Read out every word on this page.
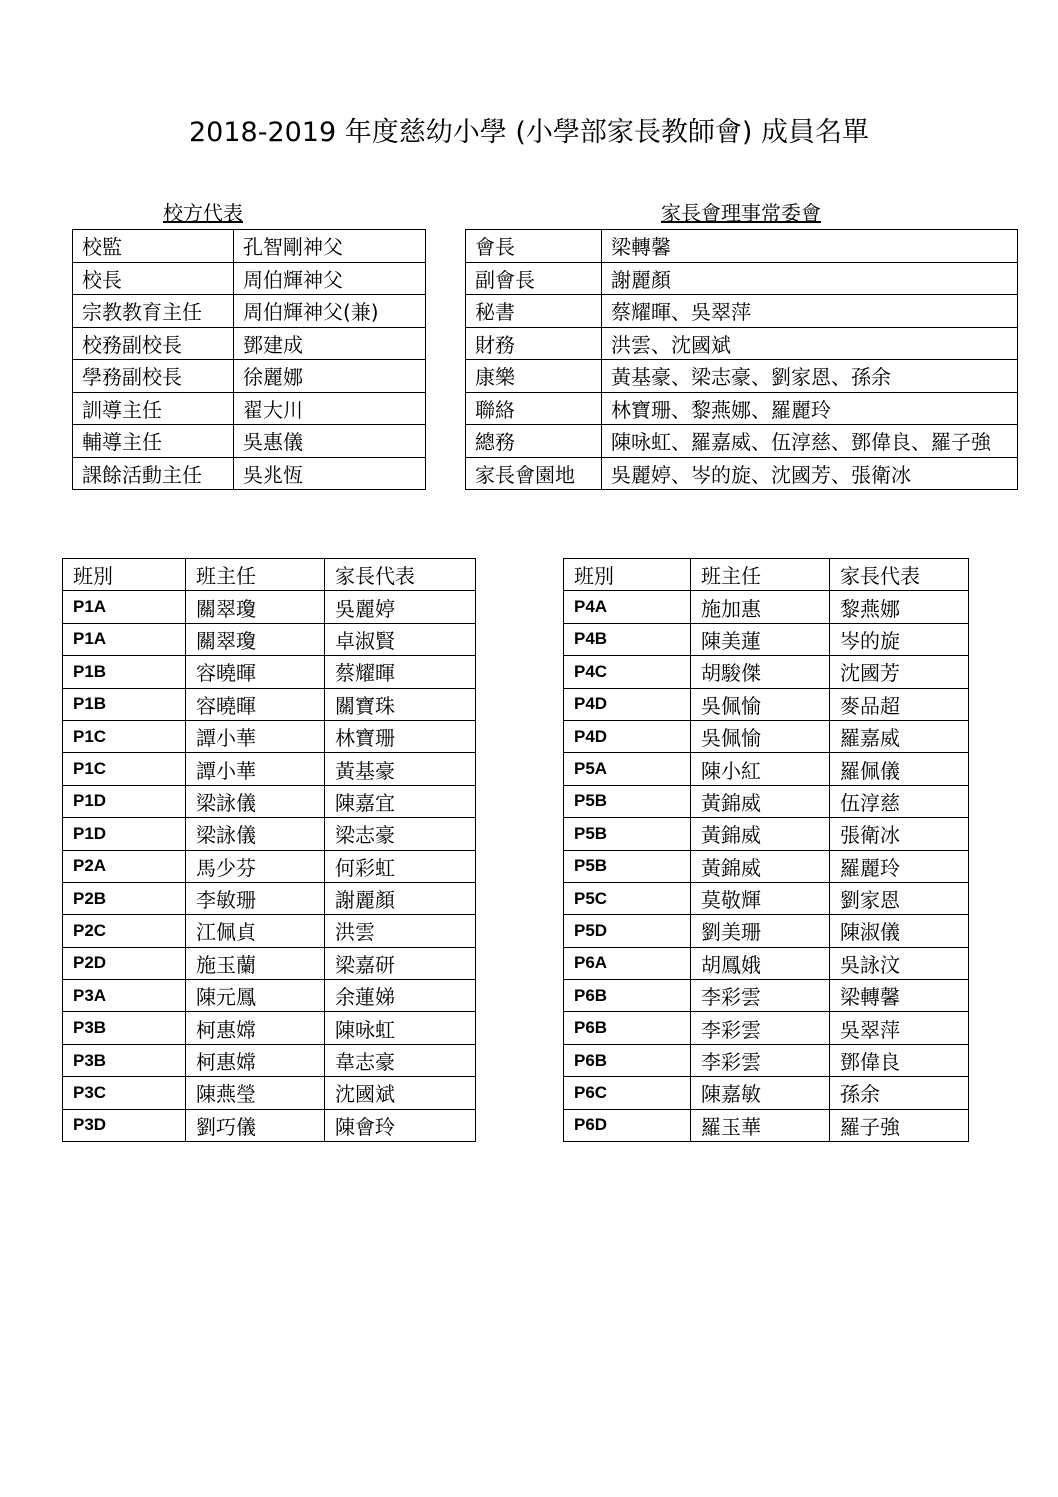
2018-2019 年度慈幼小學 (小學部家長教師會) 成員名單
校方代表	家長會理事常委會
校監	孔智剛神父
校長	周伯輝神父
宗教教育主任	周伯輝神父(兼)
校務副校長	鄧建成
學務副校長	徐麗娜
訓導主任	翟大川
輔導主任	吳惠儀
課餘活動主任	吳兆恆
會長	梁轉馨
副會長	謝麗顏
秘書	蔡耀暉、吳翠萍
財務	洪雲、沈國斌
康樂	黃基豪、梁志豪、劉家恩、孫余
聯絡	林寶珊、黎燕娜、羅麗玲
總務	陳咏虹、羅嘉威、伍淳慈、鄧偉良、羅子強
家長會園地	吳麗婷、岑的旋、沈國芳、張衛冰
班別	班主任	家長代表
P1A	關翠瓊	吳麗婷
P1A	關翠瓊	卓淑賢
P1B	容曉暉	蔡耀暉
P1B	容曉暉	關寶珠
P1C	譚小華	林寶珊
P1C	譚小華	黃基豪
P1D	梁詠儀	陳嘉宜
P1D	梁詠儀	梁志豪
P2A	馬少芬	何彩虹
P2B	李敏珊	謝麗顏
P2C	江佩貞	洪雲
P2D	施玉蘭	梁嘉研
P3A	陳元鳳	余蓮娣
P3B	柯惠嫦	陳咏虹
P3B	柯惠嫦	韋志豪
P3C	陳燕瑩	沈國斌
P3D	劉巧儀	陳會玲
班別	班主任	家長代表
P4A	施加惠	黎燕娜
P4B	陳美蓮	岑的旋
P4C	胡駿傑	沈國芳
P4D	吳佩愉	麥品超
P4D	吳佩愉	羅嘉威
P5A	陳小紅	羅佩儀
P5B	黃錦威	伍淳慈
P5B	黃錦威	張衛冰
P5B	黃錦威	羅麗玲
P5C	莫敬輝	劉家恩
P5D	劉美珊	陳淑儀
P6A	胡鳳娥	吳詠汶
P6B	李彩雲	梁轉馨
P6B	李彩雲	吳翠萍
P6B	李彩雲	鄧偉良
P6C	陳嘉敏	孫余
P6D	羅玉華	羅子強
